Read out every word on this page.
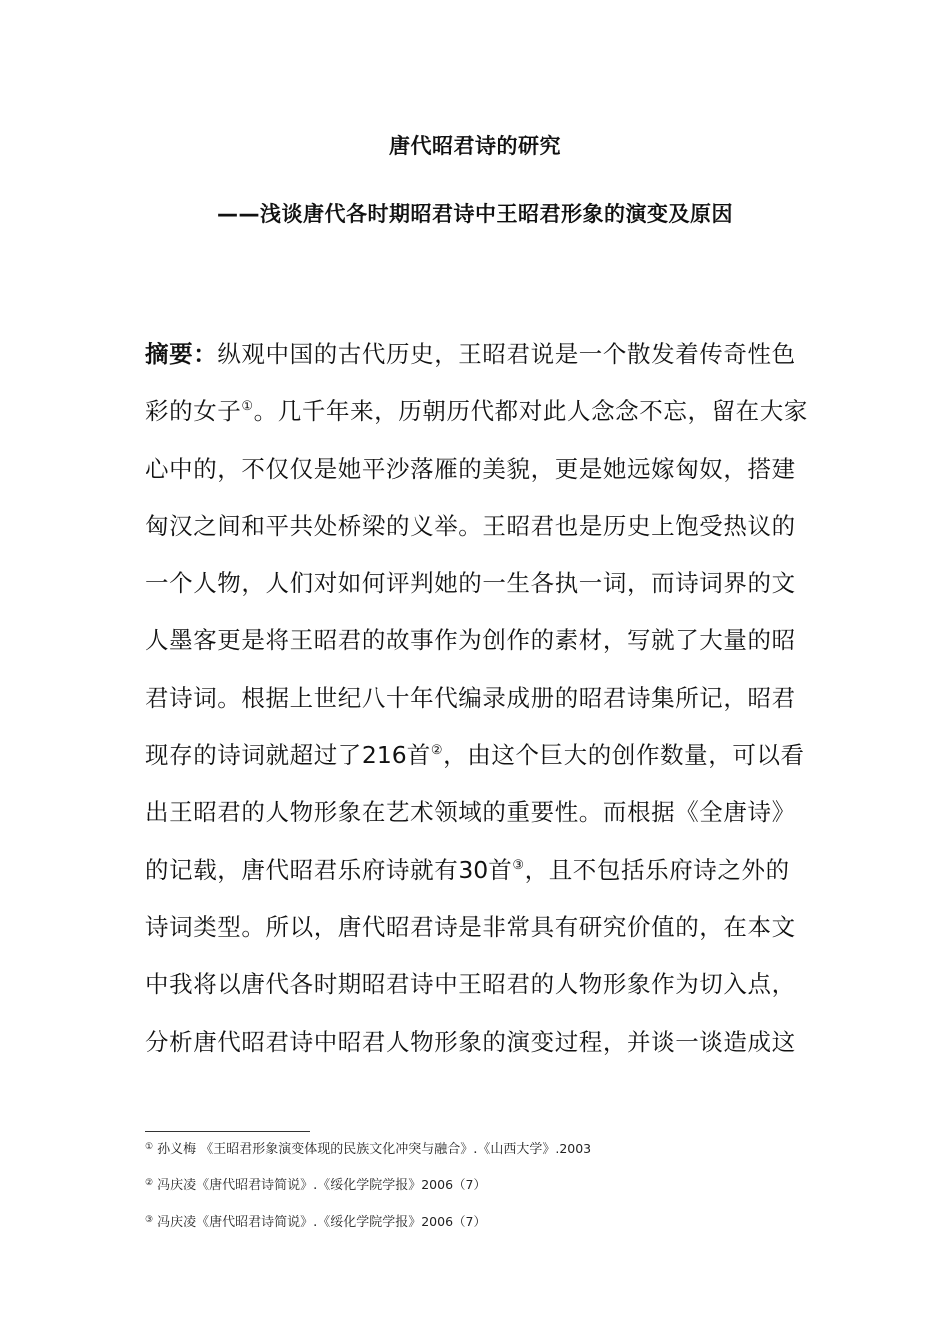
唐代昭君诗的研究
——浅谈唐代各时期昭君诗中王昭君形象的演变及原因
摘要：纵观中国的古代历史，王昭君说是一个散发着传奇性色
彩的女子①。几千年来，历朝历代都对此人念念不忘，留在大家
心中的，不仅仅是她平沙落雁的美貌，更是她远嫁匈奴，搭建
匈汉之间和平共处桥梁的义举。王昭君也是历史上饱受热议的
一个人物，人们对如何评判她的一生各执一词，而诗词界的文
人墨客更是将王昭君的故事作为创作的素材，写就了大量的昭
君诗词。根据上世纪八十年代编录成册的昭君诗集所记，昭君
现存的诗词就超过了216首②，由这个巨大的创作数量，可以看
出王昭君的人物形象在艺术领域的重要性。而根据《全唐诗》
的记载，唐代昭君乐府诗就有30首③，且不包括乐府诗之外的
诗词类型。所以，唐代昭君诗是非常具有研究价值的，在本文
中我将以唐代各时期昭君诗中王昭君的人物形象作为切入点，
分析唐代昭君诗中昭君人物形象的演变过程，并谈一谈造成这
① 孙义梅 《王昭君形象演变体现的民族文化冲突与融合》.《山西大学》.2003
② 冯庆凌《唐代昭君诗简说》.《绥化学院学报》2006（7）
③ 冯庆凌《唐代昭君诗简说》.《绥化学院学报》2006（7）
